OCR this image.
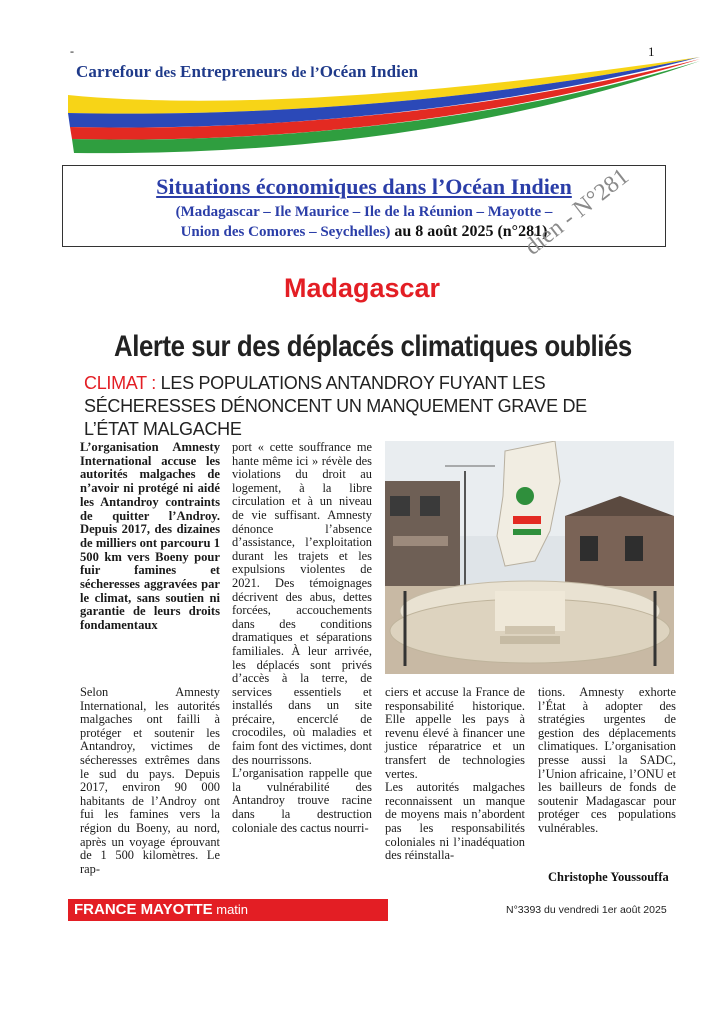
-	1
Carrefour des Entrepreneurs de l’Océan Indien
Situations économiques dans l’Océan Indien
(Madagascar – Ile Maurice – Ile de la Réunion – Mayotte –
Union des Comores – Seychelles) au 8 août 2025 (n°281)
dien - N°281
Madagascar
Alerte sur des déplacés climatiques oubliés
CLIMAT : LES POPULATIONS ANTANDROY FUYANT LES SÉCHERESSES DÉNONCENT UN MANQUEMENT GRAVE DE L’ÉTAT MALGACHE
L’organisation Amnesty International accuse les autorités malgaches de n’avoir ni protégé ni aidé les Antandroy contraints de quitter l’Androy. Depuis 2017, des dizaines de milliers ont parcouru 1 500 km vers Boeny pour fuir famines et sécheresses aggravées par le climat, sans soutien ni garantie de leurs droits fondamentaux

Selon Amnesty International, les autorités malgaches ont failli à protéger et soutenir les Antandroy, victimes de sécheresses extrêmes dans le sud du pays. Depuis 2017, environ 90 000 habitants de l’Androy ont fui les famines vers la région du Boeny, au nord, après un voyage éprouvant de 1 500 kilomètres. Le rap-

port « cette souffrance me hante même ici » révèle des violations du droit au logement, à la libre circulation et à un niveau de vie suffisant. Amnesty dénonce l’absence d’assistance, l’exploitation durant les trajets et les expulsions violentes de 2021. Des témoignages décrivent des abus, dettes forcées, accouchements dans des conditions dramatiques et séparations familiales. À leur arrivée, les déplacés sont privés d’accès à la terre, de services essentiels et installés dans un site précaire, encerclé de crocodiles, où maladies et faim font des victimes, dont des nourrissons.

L’organisation rappelle que la vulnérabilité des Antandroy trouve racine dans la destruction coloniale des cactus nourri-

ciers et accuse la France de responsabilité historique. Elle appelle les pays à revenu élevé à financer une justice réparatrice et un transfert de technologies vertes.

Les autorités malgaches reconnaissent un manque de moyens mais n’abordent pas les responsabilités coloniales ni l’inadéquation des réinstalla-

tions. Amnesty exhorte l’État à adopter des stratégies urgentes de gestion des déplacements climatiques. L’organisation presse aussi la SADC, l’Union africaine, l’ONU et les bailleurs de fonds de soutenir Madagascar pour protéger ces populations vulnérables.

Christophe Youssouffa
FRANCE MAYOTTE matin	N°3393 du vendredi 1er août 2025
